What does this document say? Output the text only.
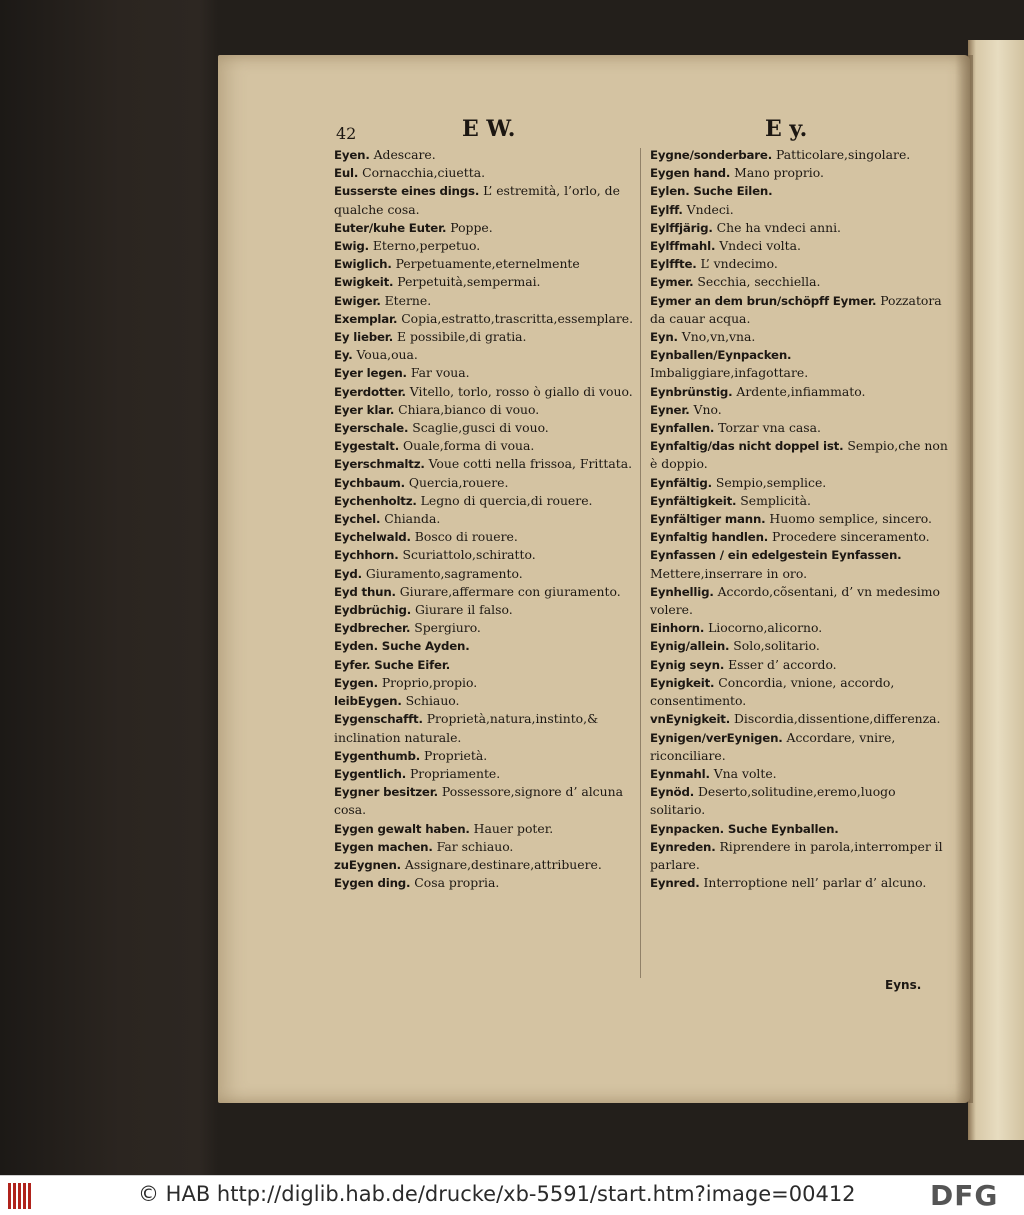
42	E W.	E y.

Eyen. Adescare.

Eul. Cornacchia,ciuetta.

Eusserste eines dings. L’ estremità, l’orlo, de qualche cosa.

Euter/kuhe Euter. Poppe.

Ewig. Eterno,perpetuo.

Ewiglich. Perpetuamente,eternelmente

Ewigkeit. Perpetuità,sempermai.

Ewiger. Eterne.

Exemplar. Copia,estratto,trascritta,essemplare.

Ey lieber. E possibile,di gratia.

Ey. Voua,oua.

Eyer legen. Far voua.

Eyerdotter. Vitello, torlo, rosso ò giallo di vouo.

Eyer klar. Chiara,bianco di vouo.

Eyerschale. Scaglie,gusci di vouo.

Eygestalt. Ouale,forma di voua.

Eyerschmaltz. Voue cotti nella frissoa, Frittata.

Eychbaum. Quercia,rouere.

Eychenholtz. Legno di quercia,di rouere.

Eychel. Chianda.

Eychelwald. Bosco di rouere.

Eychhorn. Scuriattolo,schiratto.

Eyd. Giuramento,sagramento.

Eyd thun. Giurare,affermare con giuramento.

Eydbrüchig. Giurare il falso.

Eydbrecher. Spergiuro.

Eyden. Suche Ayden.

Eyfer. Suche Eifer.

Eygen. Proprio,propio.

leibEygen. Schiauo.

Eygenschafft. Proprietà,natura,instinto,& inclination naturale.

Eygenthumb. Proprietà.

Eygentlich. Propriamente.

Eygner besitzer. Possessore,signore d’ alcuna cosa.

Eygen gewalt haben. Hauer poter.

Eygen machen. Far schiauo.

zuEygnen. Assignare,destinare,attribuere.

Eygen ding. Cosa propria.

Eygne/sonderbare. Patticolare,singolare.

Eygen hand. Mano proprio.

Eylen. Suche Eilen.

Eylff. Vndeci.

Eylffjärig. Che ha vndeci anni.

Eylffmahl. Vndeci volta.

Eylffte. L’ vndecimo.

Eymer. Secchia, secchiella.

Eymer an dem brun/schöpff Eymer. Pozzatora da cauar acqua.

Eyn. Vno,vn,vna.

Eynballen/Eynpacken. Imbaliggiare,infagottare.

Eynbrünstig. Ardente,infiammato.

Eyner. Vno.

Eynfallen. Torzar vna casa.

Eynfaltig/das nicht doppel ist. Sempio,che non è doppio.

Eynfältig. Sempio,semplice.

Eynfältigkeit. Semplicità.

Eynfältiger mann. Huomo semplice, sincero.

Eynfaltig handlen. Procedere sinceramento.

Eynfassen / ein edelgestein Eynfassen. Mettere,inserrare in oro.

Eynhellig. Accordo,cõsentani, d’ vn medesimo volere.

Einhorn. Liocorno,alicorno.

Eynig/allein. Solo,solitario.

Eynig seyn. Esser d’ accordo.

Eynigkeit. Concordia, vnione, accordo, consentimento.

vnEynigkeit. Discordia,dissentione,differenza.

Eynigen/verEynigen. Accordare, vnire, riconciliare.

Eynmahl. Vna volte.

Eynöd. Deserto,solitudine,eremo,luogo solitario.

Eynpacken. Suche Eynballen.

Eynreden. Riprendere in parola,interromper il parlare.

Eynred. Interroptione nell’ parlar d’ alcuno.

Eyns.
© HAB http://diglib.hab.de/drucke/xb-5591/start.htm?image=00412	DFG
